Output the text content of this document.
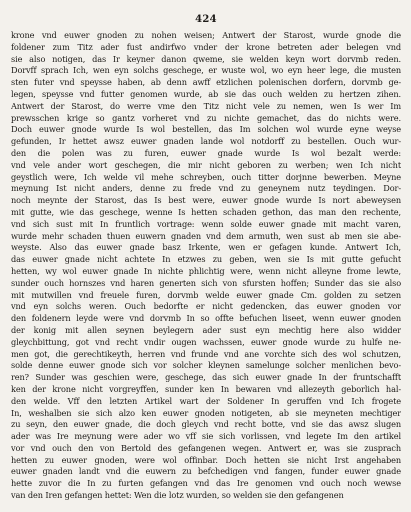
424
krone vnd euwer gnoden zu nohen weisen; Antwert der Starost, wurde gnode die
foldener zum Titz ader fust andirfwo vnder der krone betreten ader belegen vnd
sie also notigen, das Ir keyner danon qweme, sie welden keyn wort dorvmb reden.
Dorvff sprach Ich, wen eyn solchs geschege, er wuste wol, wo eyn heer lege, die musten
sten futer vnd speysse haben, ab denn awff etzlichen polenischen dorfern, dorvmb ge-
legen, speysse vnd futter genomen wurde, ab sie das ouch welden zu hertzen zihen.
Antwert der Starost, do werre vme den Titz nicht vele zu nemen, wen Is wer Im
prewsschen krige so gantz vorheret vnd zu nichte gemachet, das do nichts were.
Doch euwer gnode wurde Is wol bestellen, das Im solchen wol wurde eyne weyse
gefunden, Ir hettet awsz euwer gnaden lande wol notdorff zu bestellen. Ouch wur-
den die polen was zu furen, euwer gnade wurde Is wol bezalt werde:
vnd vele ander wort geschegen, die mir nicht geboren zu werben; wen Ich nicht
geystlich were, Ich welde vil mehe schreyben, ouch titter dorjnne bewerben. Meyne
meynung Ist nicht anders, denne zu frede vnd zu geneynem nutz teydingen. Dor-
noch meynte der Starost, das Is best were, euwer gnode wurde Is nort abeweysen
mit gutte, wie das geschege, wenne Is hetten schaden gethon, das man den rechente,
vnd sich sust mit In fruntlich vortrage: wenn solde euwer gnade mit macht varen,
wurde mehr schaden thuen euwern gnaden vnd dem armuth, wen sust ab men sie abe-
weyste. Also das euwer gnade basz Irkente, wen er gefagen kunde. Antwert Ich,
das euwer gnade nicht achtete In etzwes zu geben, wen sie Is mit gutte gefucht
hetten, wy wol euwer gnade In nichte phlichtig were, wenn nicht alleyne frome lewte,
sunder ouch hornszes vnd haren generten sich von sfursten hoffen; Sunder das sie also
mit mutwillen vnd freuele furen, dorvmb welde euwer gnade Cm. golden zu setzen
vnd eyn solchs weren. Ouch bedorfte er nicht gedencken, das euwer gnoden vor
den foldenern leyde were vnd dorvmb In so offte befuchen liseet, wenn euwer gnoden
der konig mit allen seynen beylegern ader sust eyn mechtig here also widder
gleychbittung, got vnd recht vndir ougen wachssen, euwer gnode wurde zu hulfe ne-
men got, die gerechtikeyth, herren vnd frunde vnd ane vorchte sich des wol schutzen,
solde denne euwer gnode sich vor solcher kleynen samelunge solcher menlichen bevo-
ren? Sunder was geschien were, geschege, das sich euwer gnade In der fruntschafft
ken der krone nicht vorgreyffen, sunder ken In bewaren vnd allezeyth geborlich hal-
den welde. Vff den letzten Artikel wart der Soldener In geruffen vnd Ich frogete
In, weshalben sie sich alzo ken euwer gnoden notigeten, ab sie meyneten mechtiger
zu seyn, den euwer gnade, die doch gleych vnd recht botte, vnd sie das awsz slugen
ader was Ire meynung were ader wo vff sie sich vorlissen, vnd legete Im den artikel
vor vnd ouch den von Bertold des gefangenen wegen. Antwert er, was sie zusprach
hetten zu euwer gnoden, were wol offinbar. Doch hetten sie nicht Irst angehaben
euwer gnaden landt vnd die euwern zu befchedigen vnd fangen, funder euwer gnade
hette zuvor die In zu furten gefangen vnd das Ire genomen vnd ouch noch wewse
van den Iren gefangen hettet: Wen die lotz wurden, so welden sie den gefangenen
